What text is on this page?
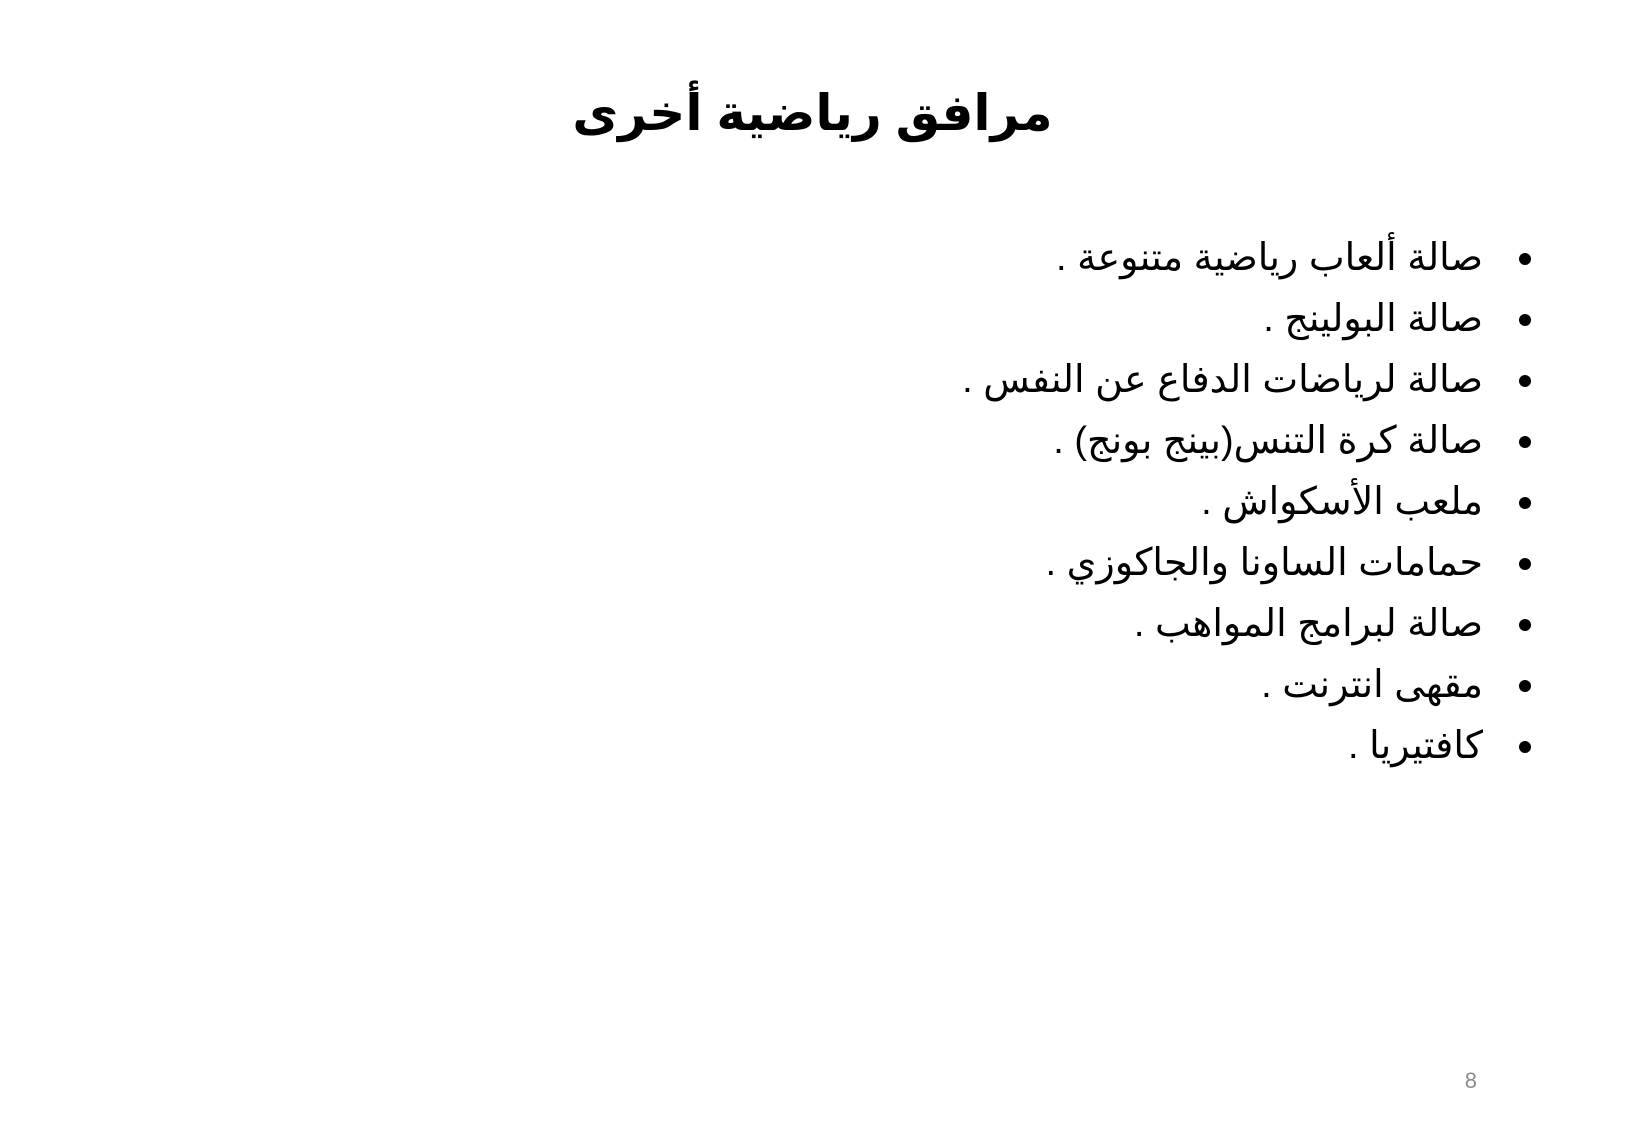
مرافق رياضية أخرى
صالة ألعاب رياضية متنوعة .
صالة البولينج .
صالة لرياضات الدفاع عن النفس .
صالة كرة التنس(بينج بونج) .
ملعب الأسكواش .
حمامات الساونا والجاكوزي .
صالة لبرامج المواهب .
مقهى انترنت .
كافتيريا .
8
